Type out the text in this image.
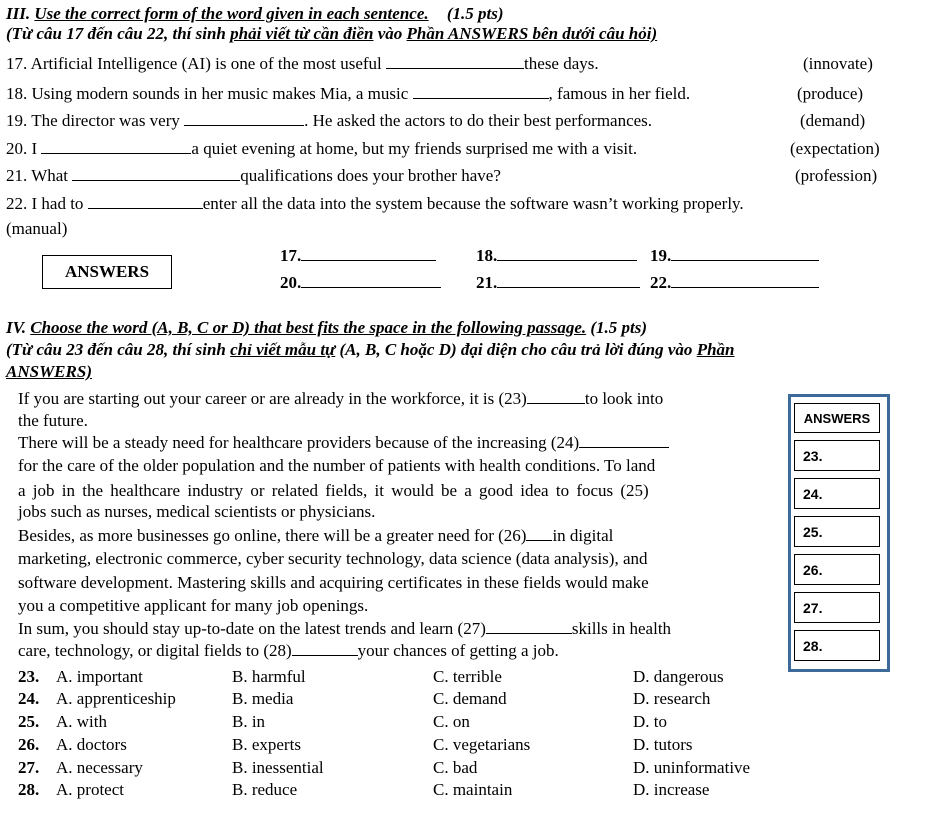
III. Use the correct form of the word given in each sentence. (1.5 pts)
(Từ câu 17 đến câu 22, thí sinh phải viết từ cần điền vào Phần ANSWERS bên dưới câu hỏi)
17. Artificial Intelligence (AI) is one of the most useful	these days.	(innovate)
18. Using modern sounds in her music makes Mia, a music	, famous in her field.	(produce)
19. The director was very	. He asked the actors to do their best performances.	(demand)
20. I	a quiet evening at home, but my friends surprised me with a visit.	(expectation)
21. What	qualifications does your brother have?	(profession)
22. I had to	enter all the data into the system because the software wasn’t working properly.
(manual)
ANSWERS
17.	18.	19.
20.	21.	22.
IV. Choose the word (A, B, C or D) that best fits the space in the following passage. (1.5 pts)
(Từ câu 23 đến câu 28, thí sinh chỉ viết mẫu tự (A, B, C hoặc D) đại diện cho câu trả lời đúng vào Phần
ANSWERS)
If you are starting out your career or are already in the workforce, it is (23)	to look into
the future.
There will be a steady need for healthcare providers because of the increasing (24)
for the care of the older population and the number of patients with health conditions. To land
a job in the healthcare industry or related fields, it would be a good idea to focus (25)
jobs such as nurses, medical scientists or physicians.
Besides, as more businesses go online, there will be a greater need for (26) in digital
marketing, electronic commerce, cyber security technology, data science (data analysis), and
software development. Mastering skills and acquiring certificates in these fields would make
you a competitive applicant for many job openings.
In sum, you should stay up-to-date on the latest trends and learn (27)	skills in health
care, technology, or digital fields to (28)	your chances of getting a job.
ANSWERS
23.
24.
25.
26.
27.
28.
23. A. important	B. harmful	C. terrible	D. dangerous
24. A. apprenticeship	B. media	C. demand	D. research
25. A. with	B. in	C. on	D. to
26. A. doctors	B. experts	C. vegetarians	D. tutors
27. A. necessary	B. inessential	C. bad	D. uninformative
28. A. protect	B. reduce	C. maintain	D. increase
